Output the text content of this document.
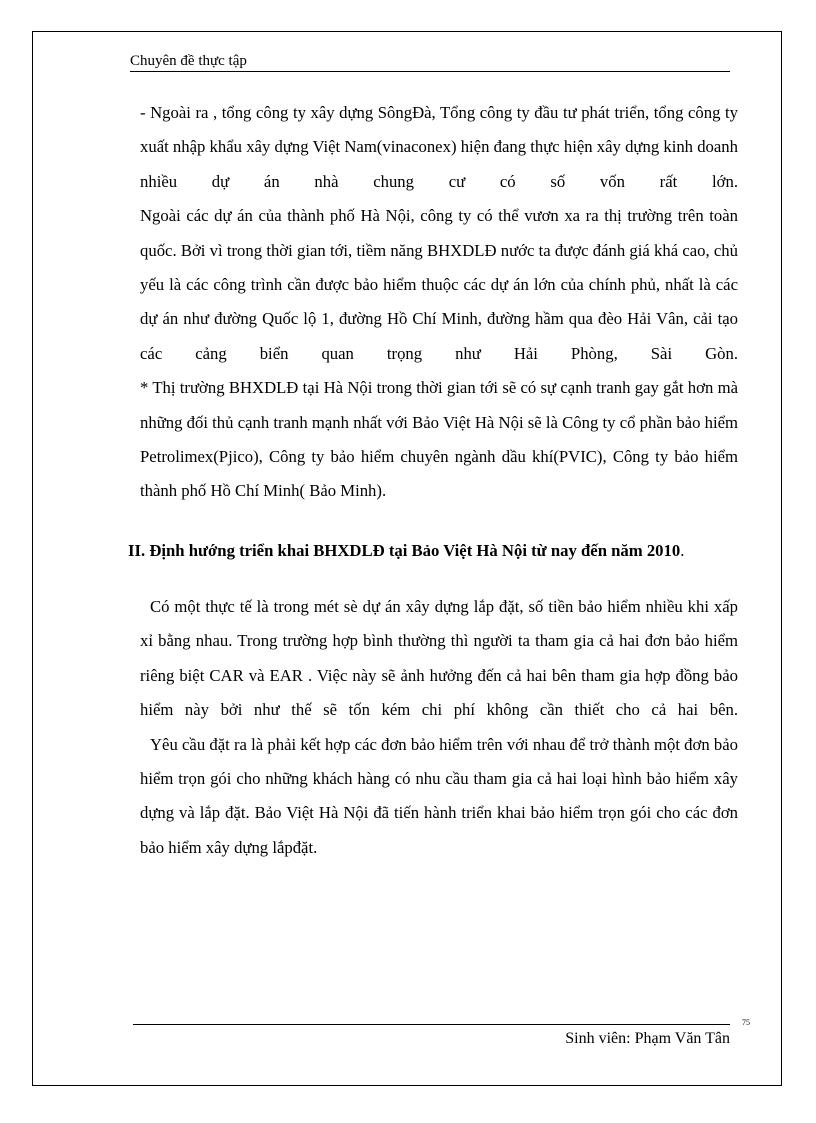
Chuyên đề thực tập

- Ngoài ra , tổng công ty xây dựng SôngĐà, Tổng công ty đầu tư phát triển, tổng công ty xuất nhập khẩu xây dựng Việt Nam(vinaconex) hiện đang thực hiện xây dựng kinh doanh nhiều dự án nhà chung cư có số vốn rất lớn.

Ngoài các dự án của thành phố Hà Nội, công ty có thể vươn xa ra thị trường trên toàn quốc. Bởi vì trong thời gian tới, tiềm năng BHXDLĐ nước ta được đánh giá khá cao, chủ yếu là các công trình cần được bảo hiểm thuộc các dự án lớn của chính phủ, nhất là các dự án như đường Quốc lộ 1, đường Hồ Chí Minh, đường hầm qua đèo Hải Vân, cải tạo các cảng biển quan trọng như Hải Phòng, Sài Gòn.

* Thị trường BHXDLĐ tại Hà Nội trong thời gian tới sẽ có sự cạnh tranh gay gắt hơn mà những đối thủ cạnh tranh mạnh nhất với Bảo Việt Hà Nội sẽ là Công ty cổ phần bảo hiểm Petrolimex(Pjico), Công ty bảo hiểm chuyên ngành dầu khí(PVIC), Công ty bảo hiểm thành phố Hồ Chí Minh( Bảo Minh).

II. Định hướng triển khai BHXDLĐ tại Bảo Việt Hà Nội từ nay đến năm 2010.

Có một thực tế là trong mét sè dự án xây dựng lắp đặt, số tiền bảo hiểm nhiều khi xấp xỉ bằng nhau. Trong trường hợp bình thường thì người ta tham gia cả hai đơn bảo hiểm riêng biệt CAR và EAR . Việc này sẽ ảnh hưởng đến cả hai bên tham gia hợp đồng bảo hiểm này bởi như thế sẽ tốn kém chi phí không cần thiết cho cả hai bên.

Yêu cầu đặt ra là phải kết hợp các đơn bảo hiểm trên với nhau để trở thành một đơn bảo hiểm trọn gói cho những khách hàng có nhu cầu tham gia cả hai loại hình bảo hiểm xây dựng và lắp đặt. Bảo Việt Hà Nội đã tiến hành triển khai bảo hiểm trọn gói cho các đơn bảo hiểm xây dựng lắpđặt.

75
Sinh viên: Phạm Văn Tân
